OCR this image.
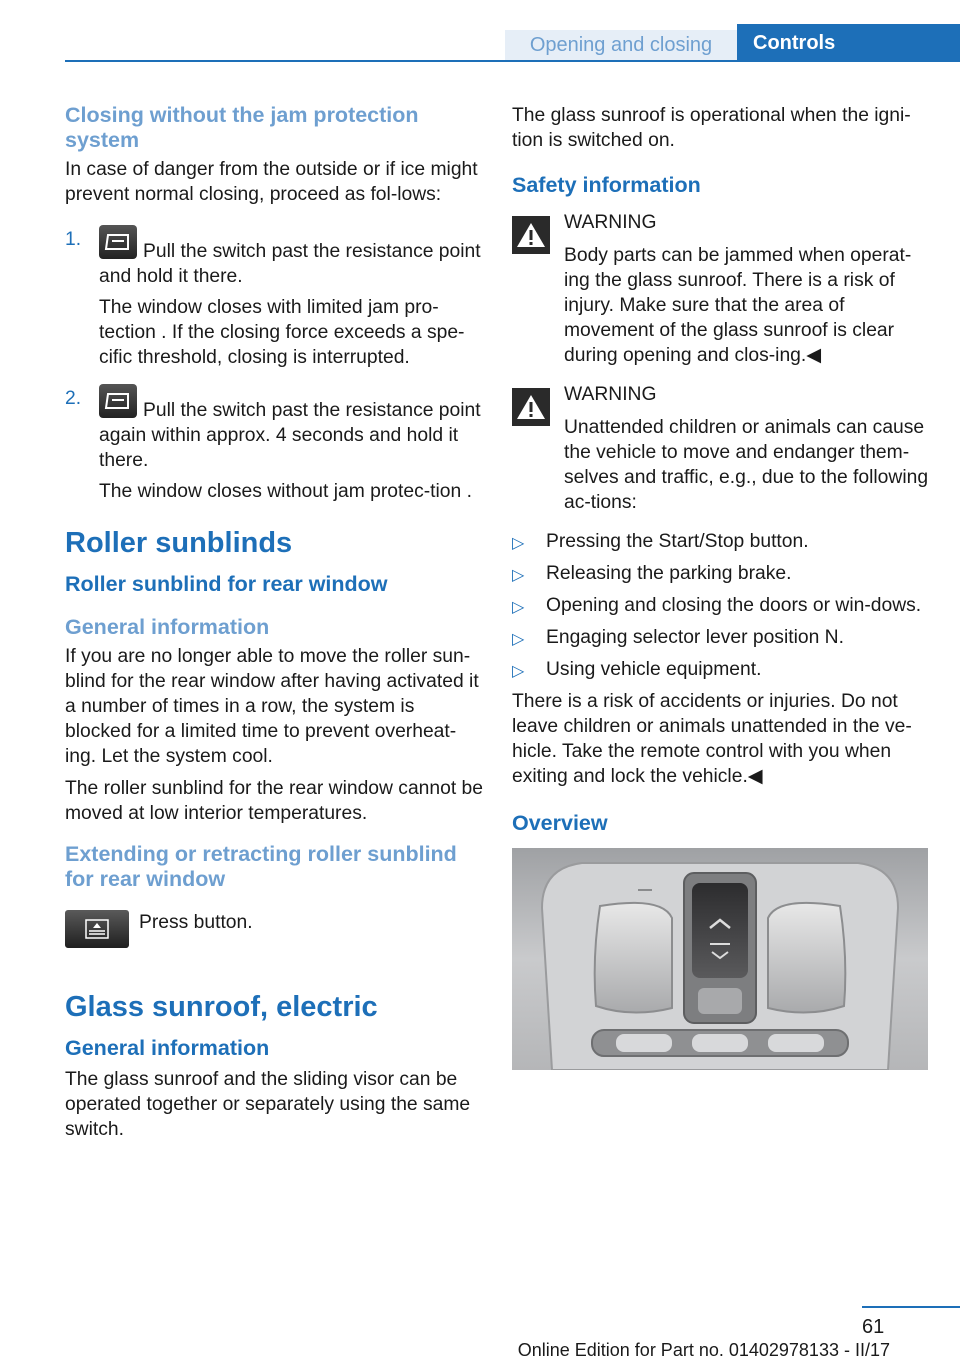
Opening and closing	Controls
Closing without the jam protection system

In case of danger from the outside or if ice might prevent normal closing, proceed as fol‐lows:

1.

Pull the switch past the resistance point and hold it there.

The window closes with limited jam pro‐tection . If the closing force exceeds a spe‐cific threshold, closing is interrupted.

2.

Pull the switch past the resistance point again within approx. 4 seconds and hold it there.

The window closes without jam protec‐tion .

Roller sunblinds
Roller sunblind for rear window
General information

If you are no longer able to move the roller sun‐blind for the rear window after having activated it a number of times in a row, the system is blocked for a limited time to prevent overheat‐ing. Let the system cool.

The roller sunblind for the rear window cannot be moved at low interior temperatures.

Extending or retracting roller sunblind for rear window

Press button.

Glass sunroof, electric
General information

The glass sunroof and the sliding visor can be operated together or separately using the same switch.

The glass sunroof is operational when the igni‐tion is switched on.

Safety information
WARNING
Body parts can be jammed when operat‐ing the glass sunroof. There is a risk of injury. Make sure that the area of movement of the glass sunroof is clear during opening and clos‐ing.◀
WARNING
Unattended children or animals can cause the vehicle to move and endanger them‐selves and traffic, e.g., due to the following ac‐tions:
▷ Pressing the Start/Stop button.
▷ Releasing the parking brake.
▷ Opening and closing the doors or win‐dows.
▷ Engaging selector lever position N.
▷ Using vehicle equipment.

There is a risk of accidents or injuries. Do not leave children or animals unattended in the ve‐hicle. Take the remote control with you when exiting and lock the vehicle.◀

Overview
61
Online Edition for Part no. 01402978133 - II/17
